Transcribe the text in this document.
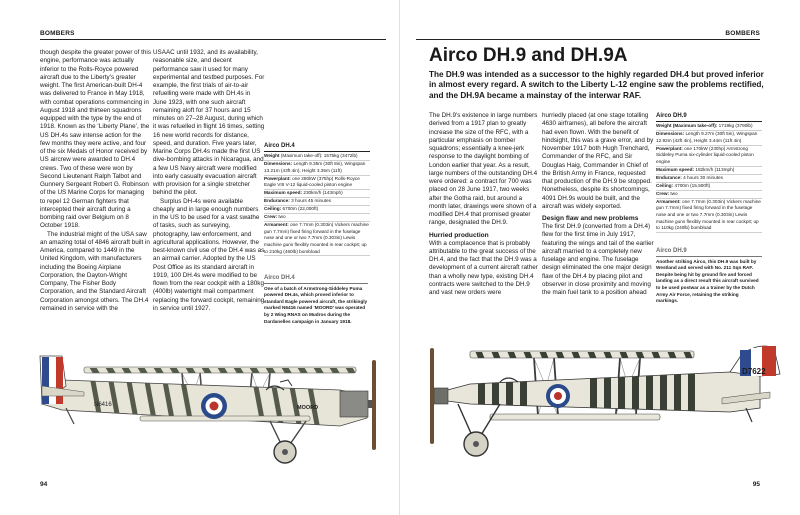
BOMBERS

though despite the greater power of this engine, performance was actually inferior to the Rolls-Royce powered aircraft due to the Liberty’s greater weight. The first American-built DH-4 was delivered to France in May 1918, with combat operations commencing in August 1918 and thirteen squadrons equipped with the type by the end of 1918. Known as the ‘Liberty Plane’, the US DH.4s saw intense action for the few months they were active, and four of the six Medals of Honor received by US aircrew were awarded to DH.4 crews. Two of these were won by Second Lieutenant Ralph Talbot and Gunnery Sergeant Robert G. Robinson of the US Marine Corps for managing to repel 12 German fighters that intercepted their aircraft during a bombing raid over Belgium on 8 October 1918.

The industrial might of the USA saw an amazing total of 4846 aircraft built in America, compared to 1449 in the United Kingdom, with manufacturers including the Boeing Airplane Corporation, the Dayton-Wright Company, The Fisher Body Corporation, and the Standard Aircraft Corporation amongst others. The DH.4 remained in service with the

USAAC until 1932, and its availability, reasonable size, and decent performance saw it used for many experimental and testbed purposes. For example, the first trials of air-to-air refuelling were made with DH.4s in June 1923, with one such aircraft remaining aloft for 37 hours and 15 minutes on 27–28 August, during which it was refuelled in flight 16 times, setting 16 new world records for distance, speed, and duration. Five years later, Marine Corps DH.4s made the first US dive-bombing attacks in Nicaragua, and a few US Navy aircraft were modified into early casualty evacuation aircraft with provision for a single stretcher behind the pilot.

Surplus DH-4s were available cheaply and in large enough numbers in the US to be used for a vast swathe of tasks, such as surveying, photography, law enforcement, and agricultural applications. However, the best-known civil use of the DH.4 was as an airmail carrier. Adopted by the US Post Office as its standard aircraft in 1919, 100 DH.4s were modified to be flown from the rear cockpit with a 180kg (400lb) watertight mail compartment replacing the forward cockpit, remaining in service until 1927.

Airco DH.4
Weight (Maximum take-off): 1575kg (3472lb)
Dimensions: Length 9.35m (30ft 8in), Wingspan 13.21m (43ft 4in), Height 3.35m (11ft)
Powerplant: one 280kW (375hp) Rolls-Royce Eagle VIII V-12 liquid-cooled piston engine
Maximum speed: 230km/h (143mph)
Endurance: 3 hours 45 minutes
Ceiling: 6700m (22,000ft)
Crew: two
Armament: one 7.7mm (0.303in) Vickers machine gun 7.7mm) fixed firing forward in the fuselage nose and one or two 7.7mm (0.303in) Lewis machine guns flexibly mounted in rear cockpit; up to 210kg (460lb) bombload
Airco DH.4
One of a batch of Armstrong-Siddeley Puma powered DH.4s, which proved inferior to standard Eagle powered aircraft, the strikingly marked N6416 named ‘MOORD’ was operated by 2 Wing RNAS on Mudros during the Dardanelles campaign in January 1918.
N6416	MOORD
94
BOMBERS
Airco DH.9 and DH.9A
The DH.9 was intended as a successor to the highly regarded DH.4 but proved inferior in almost every regard. A switch to the Liberty L-12 engine saw the problems rectified, and the DH.9A became a mainstay of the interwar RAF.

The DH.9’s existence in large numbers derived from a 1917 plan to greatly increase the size of the RFC, with a particular emphasis on bomber squadrons; essentially a knee-jerk response to the daylight bombing of London earlier that year. As a result, large numbers of the outstanding DH.4 were ordered: a contract for 700 was placed on 28 June 1917, two weeks after the Gotha raid, but around a month later, drawings were shown of a modified DH.4 that promised greater range, designated the DH.9.

Hurried production

With a complacence that is probably attributable to the great success of the DH.4, and the fact that the DH.9 was a development of a current aircraft rather than a wholly new type, existing DH.4 contracts were switched to the DH.9 and vast new orders were

hurriedly placed (at one stage totalling 4630 airframes), all before the aircraft had even flown. With the benefit of hindsight, this was a grave error, and by November 1917 both Hugh Trenchard, Commander of the RFC, and Sir Douglas Haig, Commander in Chief of the British Army in France, requested that production of the DH.9 be stopped. Nonetheless, despite its shortcomings, 4091 DH.9s would be built, and the aircraft was widely exported.

Design flaw and new problems

The first DH.9 (converted from a DH.4) flew for the first time in July 1917, featuring the wings and tail of the earlier aircraft married to a completely new fuselage and engine. The fuselage design eliminated the one major design flaw of the DH.4 by placing pilot and observer in close proximity and moving the main fuel tank to a position ahead

Airco DH.9
Weight (Maximum take-off): 1719kg (3790lb)
Dimensions: Length 9.27m (30ft 5in), Wingspan 12.92m (42ft 4in), Height 3.44m (11ft 4in)
Powerplant: one 170kW (230hp) Armstrong Siddeley Puma six-cylinder liquid-cooled piston engine
Maximum speed: 182km/h (113mph)
Endurance: 4 hours 30 minutes
Ceiling: 4700m (15,500ft)
Crew: two
Armament: one 7.7mm (0.303in) Vickers machine gun 7.7mm) fixed firing forward in the fuselage nose and one or two 7.7mm (0.303in) Lewis machine guns flexibly mounted in rear cockpit; up to 110kg (240lb) bombload
Airco DH.9
Another striking Airco, this DH.9 was built by Westland and served with No. 211 Sqn RAF. Despite being hit by ground fire and forced landing as a direct result this aircraft survived to be used postwar as a trainer by the Dutch Army Air Force, retaining the striking markings.
D7622
95
